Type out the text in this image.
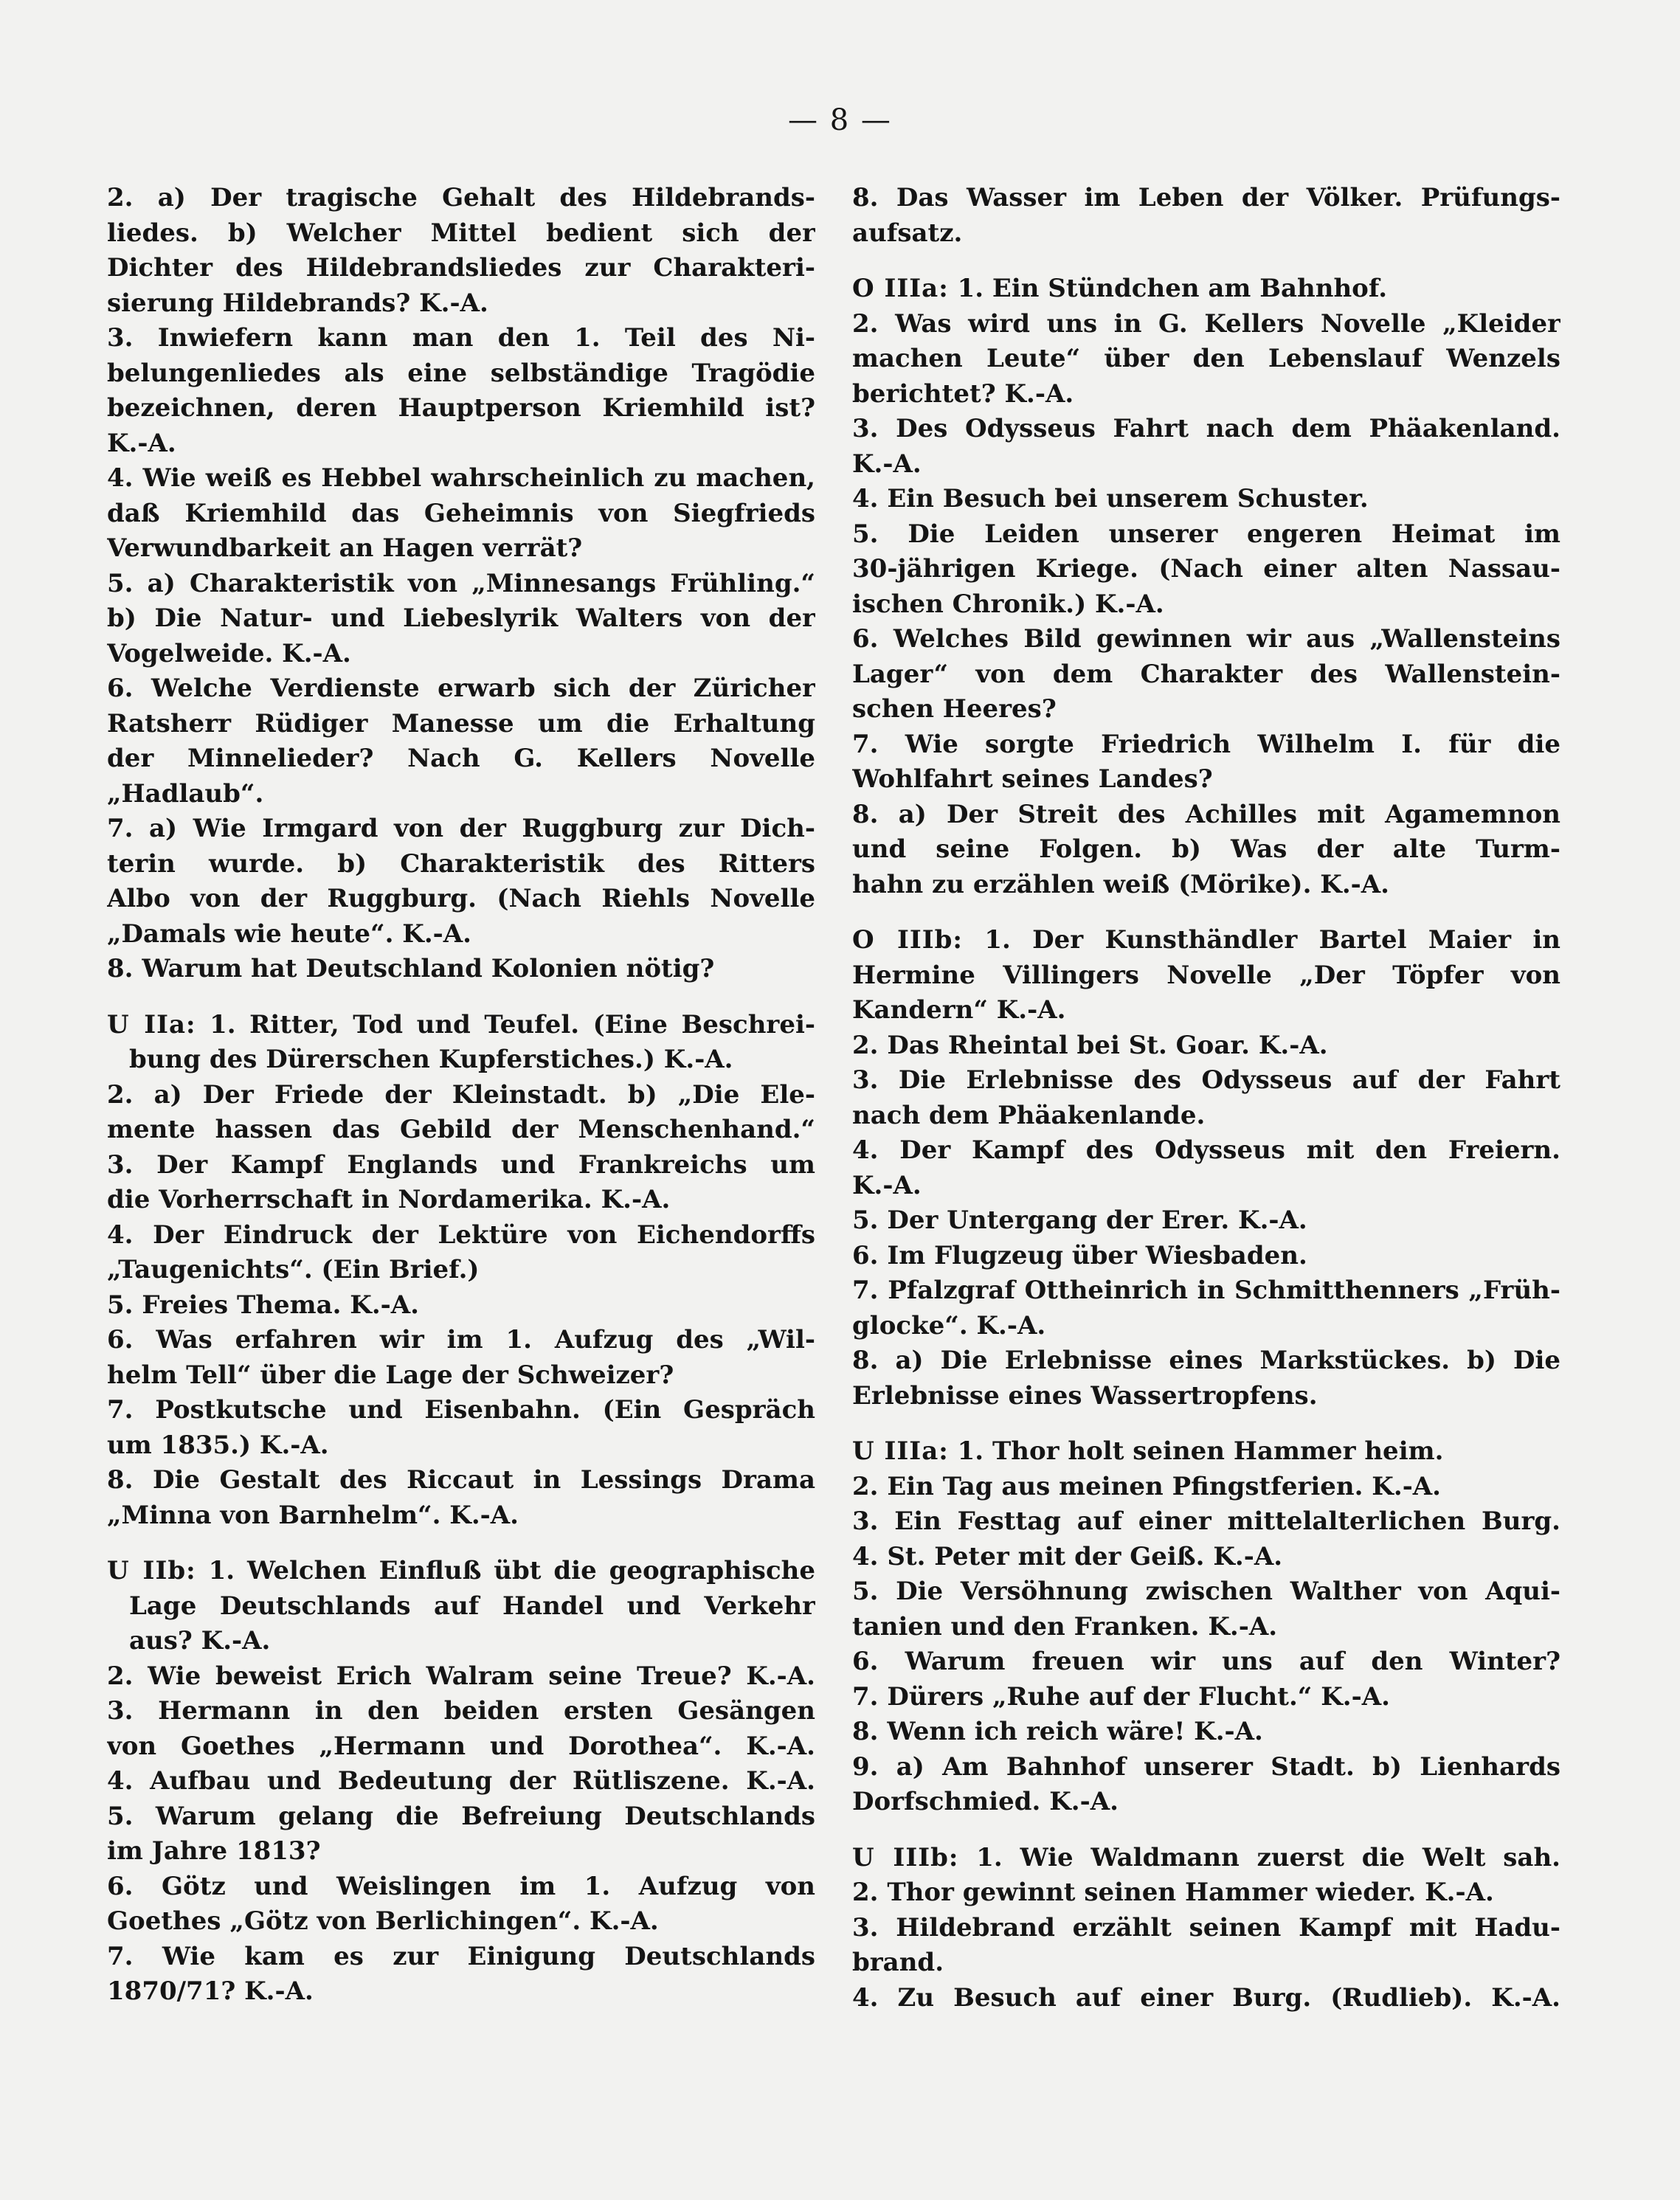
— 8 —
2. a) Der tragische Gehalt des Hildebrands-
liedes. b) Welcher Mittel bedient sich der
Dichter des Hildebrandsliedes zur Charakteri-
sierung Hildebrands? K.-A.
3. Inwiefern kann man den 1. Teil des Ni-
belungenliedes als eine selbständige Tragödie
bezeichnen, deren Hauptperson Kriemhild ist?
K.-A.
4. Wie weiß es Hebbel wahrscheinlich zu machen,
daß Kriemhild das Geheimnis von Siegfrieds
Verwundbarkeit an Hagen verrät?
5. a) Charakteristik von „Minnesangs Frühling.“
b) Die Natur- und Liebeslyrik Walters von der
Vogelweide. K.-A.
6. Welche Verdienste erwarb sich der Züricher
Ratsherr Rüdiger Manesse um die Erhaltung
der Minnelieder? Nach G. Kellers Novelle
„Hadlaub“.
7. a) Wie Irmgard von der Ruggburg zur Dich-
terin wurde. b) Charakteristik des Ritters
Albo von der Ruggburg. (Nach Riehls Novelle
„Damals wie heute“. K.-A.
8. Warum hat Deutschland Kolonien nötig?
U IIa: 1. Ritter, Tod und Teufel. (Eine Beschrei-
bung des Dürerschen Kupferstiches.) K.-A.
2. a) Der Friede der Kleinstadt. b) „Die Ele-
mente hassen das Gebild der Menschenhand.“
3. Der Kampf Englands und Frankreichs um
die Vorherrschaft in Nordamerika. K.-A.
4. Der Eindruck der Lektüre von Eichendorffs
„Taugenichts“. (Ein Brief.)
5. Freies Thema. K.-A.
6. Was erfahren wir im 1. Aufzug des „Wil-
helm Tell“ über die Lage der Schweizer?
7. Postkutsche und Eisenbahn. (Ein Gespräch
um 1835.) K.-A.
8. Die Gestalt des Riccaut in Lessings Drama
„Minna von Barnhelm“. K.-A.
U IIb: 1. Welchen Einfluß übt die geographische
Lage Deutschlands auf Handel und Verkehr
aus? K.-A.
2. Wie beweist Erich Walram seine Treue? K.-A.
3. Hermann in den beiden ersten Gesängen
von Goethes „Hermann und Dorothea“. K.-A.
4. Aufbau und Bedeutung der Rütliszene. K.-A.
5. Warum gelang die Befreiung Deutschlands
im Jahre 1813?
6. Götz und Weislingen im 1. Aufzug von
Goethes „Götz von Berlichingen“. K.-A.
7. Wie kam es zur Einigung Deutschlands
1870/71? K.-A.
8. Das Wasser im Leben der Völker. Prüfungs-
aufsatz.
O IIIa: 1. Ein Stündchen am Bahnhof.
2. Was wird uns in G. Kellers Novelle „Kleider
machen Leute“ über den Lebenslauf Wenzels
berichtet? K.-A.
3. Des Odysseus Fahrt nach dem Phäakenland.
K.-A.
4. Ein Besuch bei unserem Schuster.
5. Die Leiden unserer engeren Heimat im
30-jährigen Kriege. (Nach einer alten Nassau-
ischen Chronik.) K.-A.
6. Welches Bild gewinnen wir aus „Wallensteins
Lager“ von dem Charakter des Wallenstein-
schen Heeres?
7. Wie sorgte Friedrich Wilhelm I. für die
Wohlfahrt seines Landes?
8. a) Der Streit des Achilles mit Agamemnon
und seine Folgen. b) Was der alte Turm-
hahn zu erzählen weiß (Mörike). K.-A.
O IIIb: 1. Der Kunsthändler Bartel Maier in
Hermine Villingers Novelle „Der Töpfer von
Kandern“ K.-A.
2. Das Rheintal bei St. Goar. K.-A.
3. Die Erlebnisse des Odysseus auf der Fahrt
nach dem Phäakenlande.
4. Der Kampf des Odysseus mit den Freiern.
K.-A.
5. Der Untergang der Erer. K.-A.
6. Im Flugzeug über Wiesbaden.
7. Pfalzgraf Ottheinrich in Schmitthenners „Früh-
glocke“. K.-A.
8. a) Die Erlebnisse eines Markstückes. b) Die
Erlebnisse eines Wassertropfens.
U IIIa: 1. Thor holt seinen Hammer heim.
2. Ein Tag aus meinen Pfingstferien. K.-A.
3. Ein Festtag auf einer mittelalterlichen Burg.
4. St. Peter mit der Geiß. K.-A.
5. Die Versöhnung zwischen Walther von Aqui-
tanien und den Franken. K.-A.
6. Warum freuen wir uns auf den Winter?
7. Dürers „Ruhe auf der Flucht.“ K.-A.
8. Wenn ich reich wäre! K.-A.
9. a) Am Bahnhof unserer Stadt. b) Lienhards
Dorfschmied. K.-A.
U IIIb: 1. Wie Waldmann zuerst die Welt sah.
2. Thor gewinnt seinen Hammer wieder. K.-A.
3. Hildebrand erzählt seinen Kampf mit Hadu-
brand.
4. Zu Besuch auf einer Burg. (Rudlieb). K.-A.
